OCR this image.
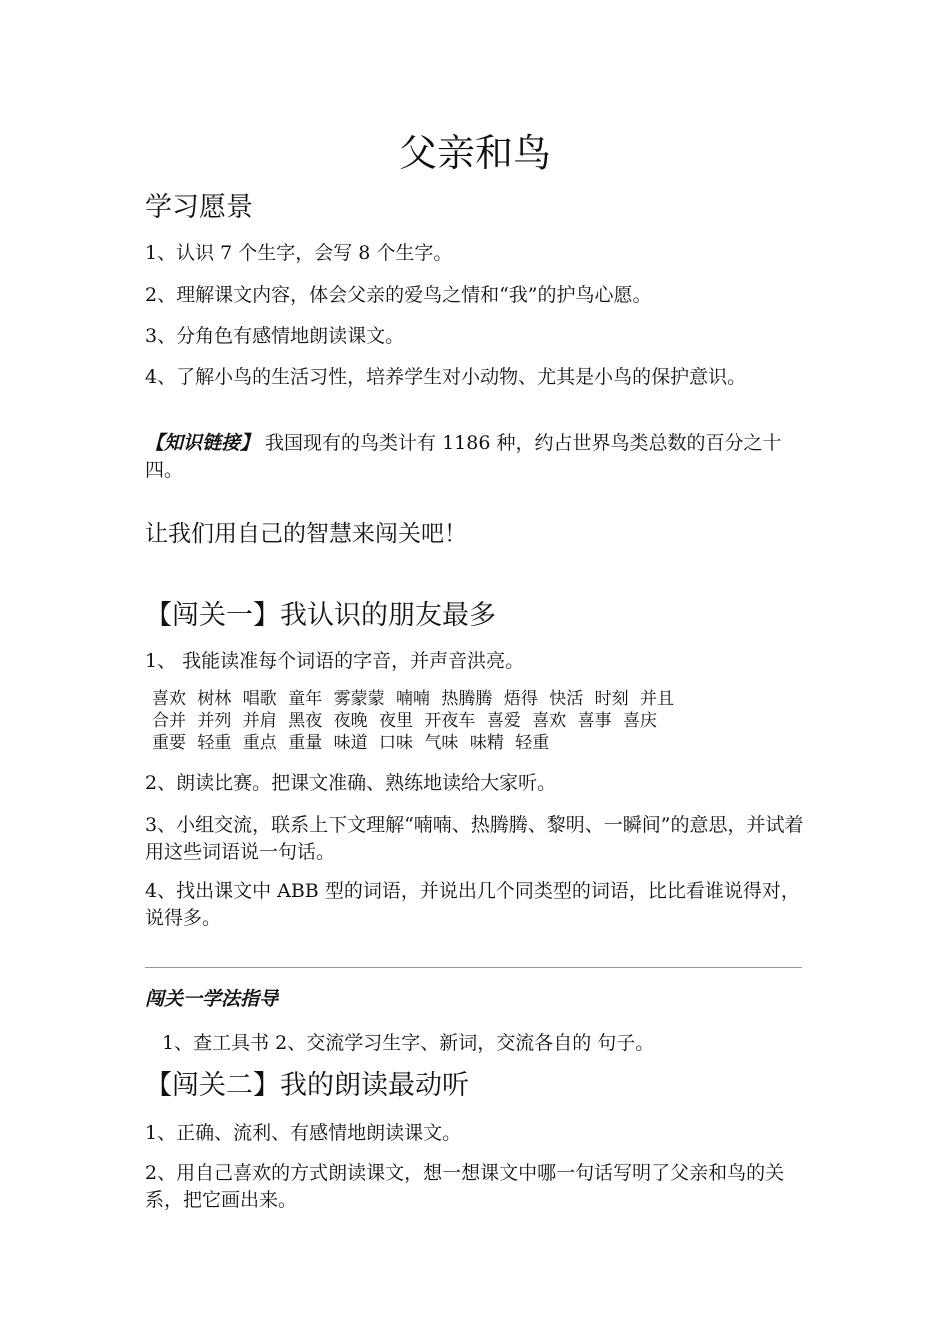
父亲和鸟
学习愿景
1、认识 7 个生字，会写 8 个生字。
2、理解课文内容，体会父亲的爱鸟之情和“我”的护鸟心愿。
3、分角色有感情地朗读课文。
4、了解小鸟的生活习性，培养学生对小动物、尤其是小鸟的保护意识。
【知识链接】 我国现有的鸟类计有 1186 种，约占世界鸟类总数的百分之十四。
让我们用自己的智慧来闯关吧！
【闯关一】我认识的朋友最多
1、 我能读准每个词语的字音，并声音洪亮。
喜欢 树林 唱歌 童年 雾蒙蒙 喃喃 热腾腾 焐得 快活 时刻 并且
合并 并列 并肩 黑夜 夜晚 夜里 开夜车 喜爱 喜欢 喜事 喜庆
重要 轻重 重点 重量 味道 口味 气味 味精 轻重
2、朗读比赛。把课文准确、熟练地读给大家听。
3、小组交流，联系上下文理解“喃喃、热腾腾、黎明、一瞬间”的意思，并试着用这些词语说一句话。
4、找出课文中 ABB 型的词语，并说出几个同类型的词语，比比看谁说得对，说得多。
闯关一学法指导
1、查工具书 2、交流学习生字、新词，交流各自的 句子。
【闯关二】我的朗读最动听
1、正确、流利、有感情地朗读课文。
2、用自己喜欢的方式朗读课文，想一想课文中哪一句话写明了父亲和鸟的关系，把它画出来。
